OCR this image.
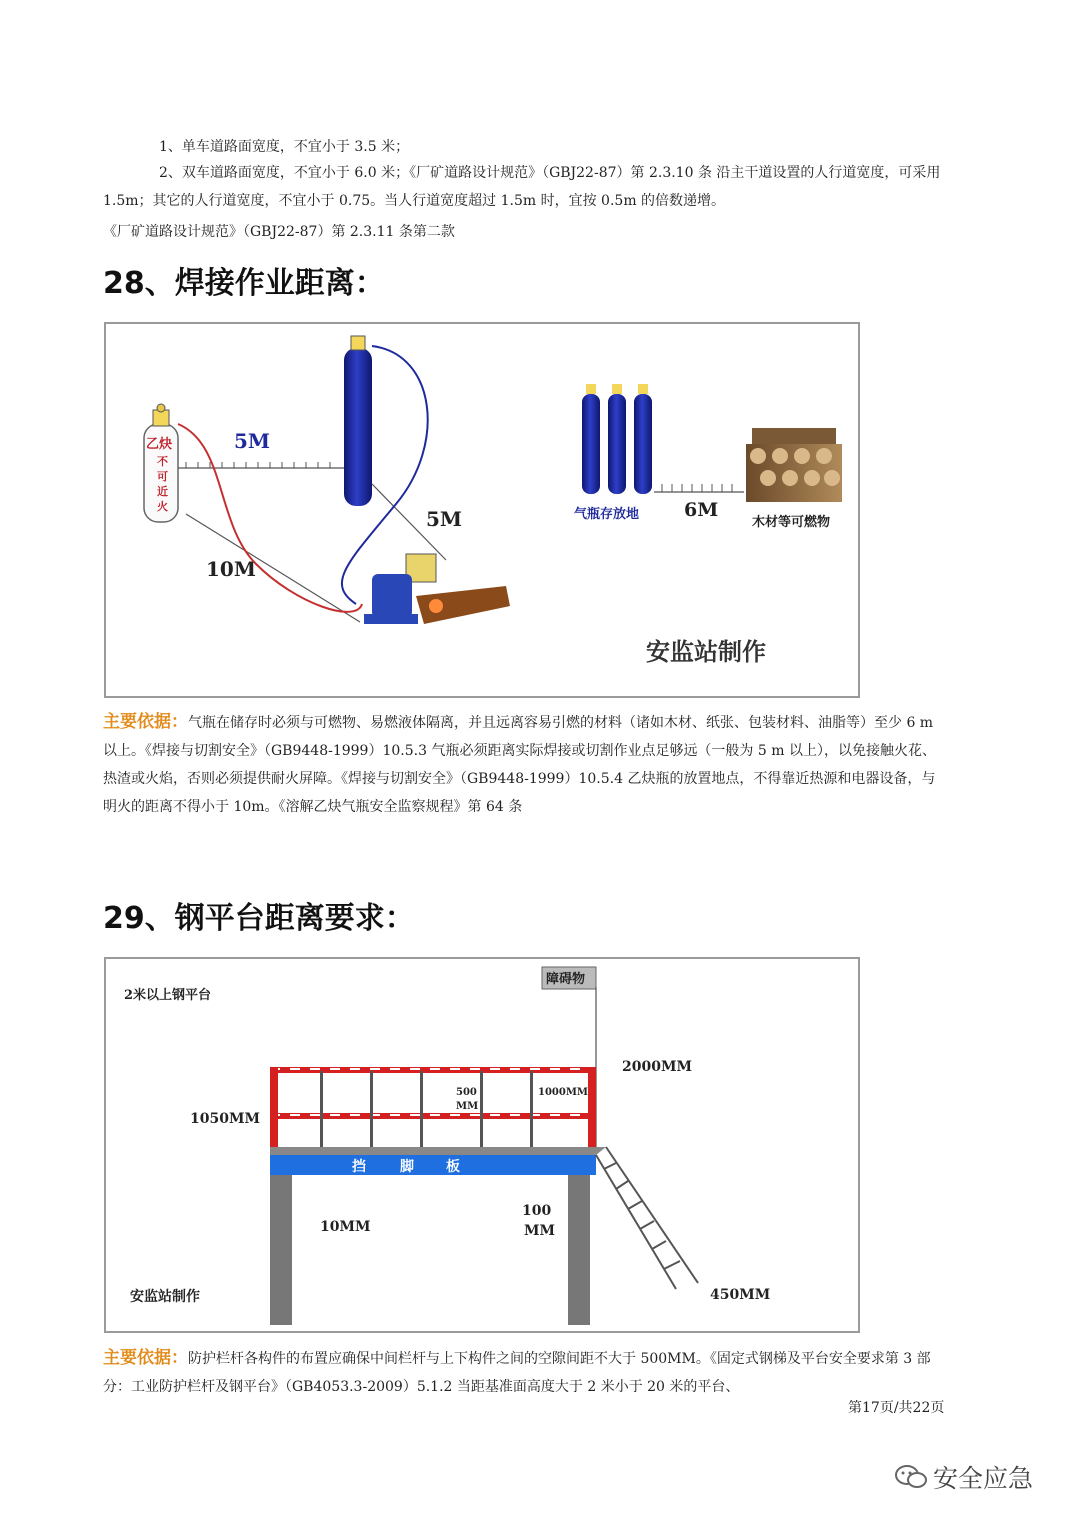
1、单车道路面宽度，不宜小于 3.5 米；

2、双车道路面宽度，不宜小于 6.0 米；《厂矿道路设计规范》（GBJ22-87）第 2.3.10 条 沿主干道设置的人行道宽度，可采用 1.5m；其它的人行道宽度，不宜小于 0.75。当人行道宽度超过 1.5m 时，宜按 0.5m 的倍数递增。

《厂矿道路设计规范》（GBJ22-87）第 2.3.11 条第二款
28、焊接作业距离：
乙炔
不
可
近
火
5M
10M
5M	气瓶存放地 6M
木材等可燃物
安监站制作

主要依据：气瓶在储存时必须与可燃物、易燃液体隔离，并且远离容易引燃的材料（诸如木材、纸张、包装材料、油脂等）至少 6 m 以上。《焊接与切割安全》（GB9448-1999）10.5.3 气瓶必须距离实际焊接或切割作业点足够远（一般为 5 m 以上），以免接触火花、热渣或火焰，否则必须提供耐火屏障。《焊接与切割安全》（GB9448-1999）10.5.4 乙炔瓶的放置地点，不得靠近热源和电器设备，与明火的距离不得小于 10m。《溶解乙炔气瓶安全监察规程》第 64 条

29、钢平台距离要求：
2米以上钢平台
障碍物
2000MM
1050MM
500
MM
1000MM
挡 脚 板
10MM
100
MM
450MM
安监站制作

主要依据：防护栏杆各构件的布置应确保中间栏杆与上下构件之间的空隙间距不大于 500MM。《固定式钢梯及平台安全要求第 3 部分：工业防护栏杆及钢平台》（GB4053.3-2009）5.1.2 当距基准面高度大于 2 米小于 20 米的平台、

第17页/共22页
安全应急
